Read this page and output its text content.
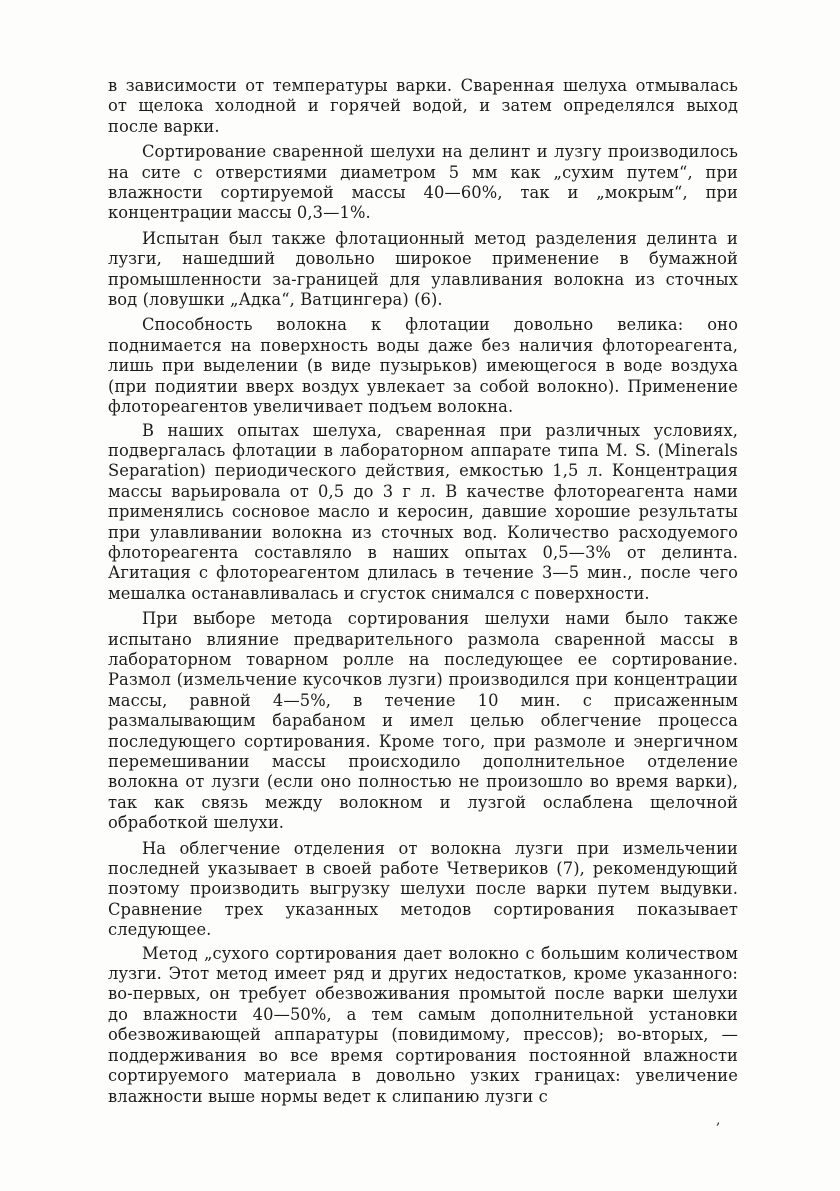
в зависимости от температуры варки. Сваренная шелуха отмывалась от щелока холодной и горячей водой, и затем определялся выход после варки.

Сортирование сваренной шелухи на делинт и лузгу производилось на сите с отверстиями диаметром 5 мм как „сухим путем“, при влажности сортируемой массы 40—60%, так и „мокрым“, при концентрации массы 0,3—1%.

Испытан был также флотационный метод разделения делинта и лузги, нашедший довольно широкое применение в бумажной промышленности за-границей для улавливания волокна из сточных вод (ловушки „Адка“, Ватцингера) (6).

Способность волокна к флотации довольно велика: оно поднимается на поверхность воды даже без наличия флотореагента, лишь при выделении (в виде пузырьков) имеющегося в воде воздуха (при подиятии вверх воздух увлекает за собой волокно). Применение флотореагентов увеличивает подъем волокна.

В наших опытах шелуха, сваренная при различных условиях, подвергалась флотации в лабораторном аппарате типа M. S. (Minerals Separation) периодического действия, емкостью 1,5 л. Концентрация массы варьировала от 0,5 до 3 г л. В качестве флотореагента нами применялись сосновое масло и керосин, давшие хорошие результаты при улавливании волокна из сточных вод. Количество расходуемого флотореагента составляло в наших опытах 0,5—3% от делинта. Агитация с флотореагентом длилась в течение 3—5 мин., после чего мешалка останавливалась и сгусток снимался с поверхности.

При выборе метода сортирования шелухи нами было также испытано влияние предварительного размола сваренной массы в лабораторном товарном ролле на последующее ее сортирование. Размол (измельчение кусочков лузги) производился при концентрации массы, равной 4—5%, в течение 10 мин. с присаженным размалывающим барабаном и имел целью облегчение процесса последующего сортирования. Кроме того, при размоле и энергичном перемешивании массы происходило дополнительное отделение волокна от лузги (если оно полностью не произошло во время варки), так как связь между волокном и лузгой ослаблена щелочной обработкой шелухи.

На облегчение отделения от волокна лузги при измельчении последней указывает в своей работе Четвериков (7), рекомендующий поэтому производить выгрузку шелухи после варки путем выдувки. Сравнение трех указанных методов сортирования показывает следующее.

Метод „сухого сортирования дает волокно с большим количеством лузги. Этот метод имеет ряд и других недостатков, кроме указанного: во-первых, он требует обезвоживания промытой после варки шелухи до влажности 40—50%, а тем самым дополнительной установки обезвоживающей аппаратуры (повидимому, прессов); во-вторых, — поддерживания во все время сортирования постоянной влажности сортируемого материала в довольно узких границах: увеличение влажности выше нормы ведет к слипанию лузги с

,
